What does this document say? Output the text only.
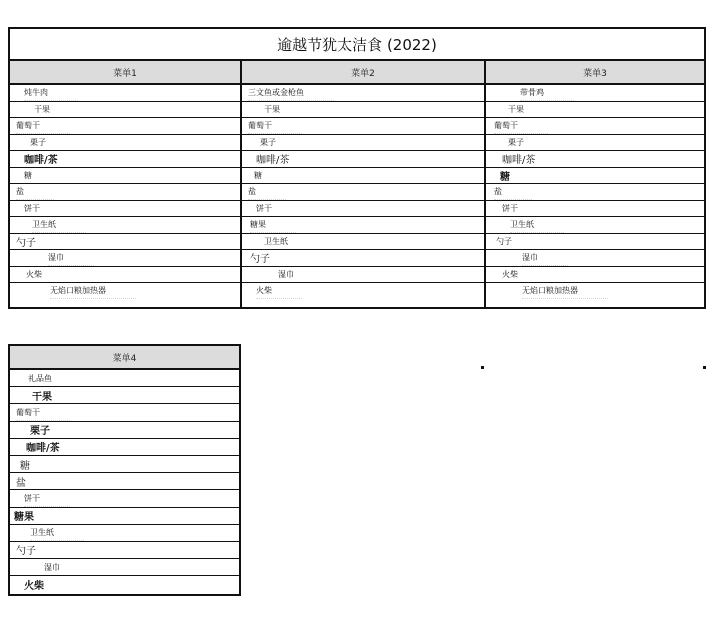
逾越节犹太洁食 (2022)
菜单1
炖牛肉
干果
葡萄干
栗子
咖啡/茶
糖
盐
饼干
卫生纸
勺子
湿巾
火柴
无焰口粮加热器
菜单2
三文鱼或金枪鱼
干果
葡萄干
栗子
咖啡/茶
糖
盐
饼干
糖果
卫生纸
勺子
湿巾
火柴
菜单3
带骨鸡
干果
葡萄干
栗子
咖啡/茶
糖
盐
饼干
卫生纸
勺子
湿巾
火柴
无焰口粮加热器
菜单4
礼品鱼
干果
葡萄干
栗子
咖啡/茶
糖
盐
饼干
糖果
卫生纸
勺子
湿巾
火柴
